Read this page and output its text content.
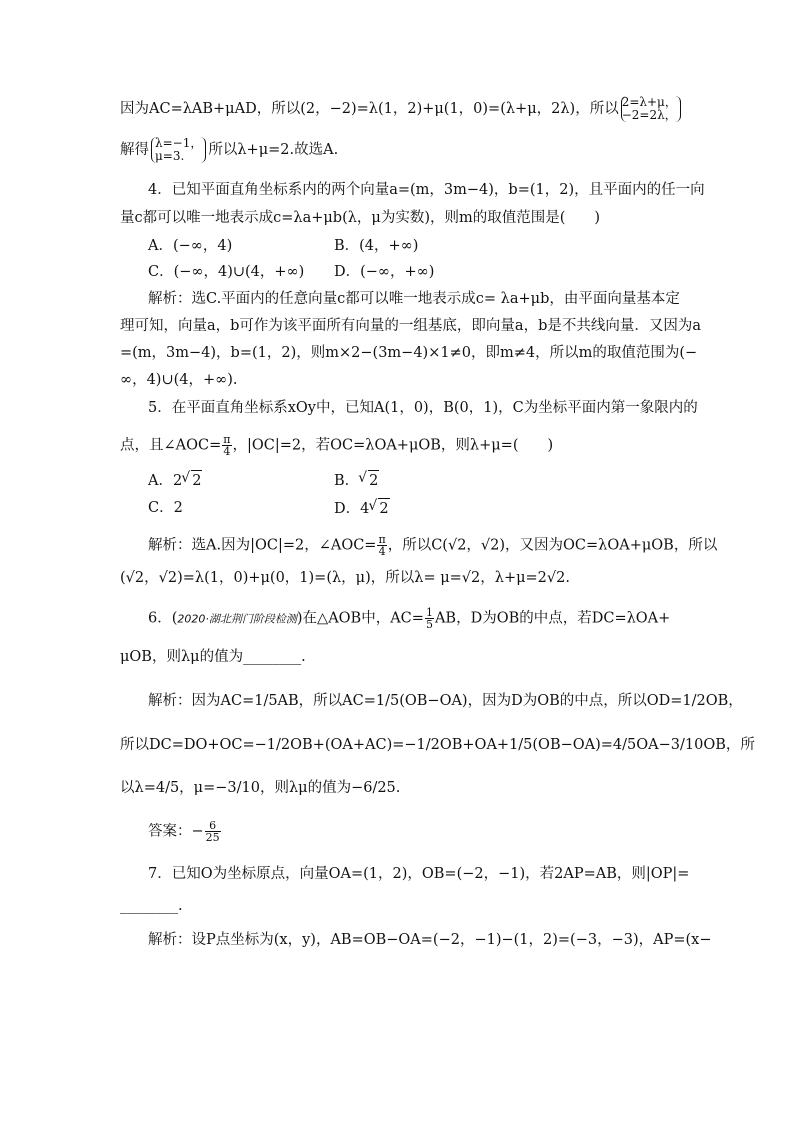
因为AC=λAB+μAD，所以(2，−2)=λ(1，2)+μ(1，0)=(λ+μ，2λ)，所以 2=λ+μ，
−2=2λ，
解得 λ=−1，
μ=3. 所以λ+μ=2.故选A.
4．已知平面直角坐标系内的两个向量a=(m，3m−4)，b=(1，2)，且平面内的任一向
量c都可以唯一地表示成c=λa+μb(λ，μ为实数)，则m的取值范围是(　　)
A．(−∞，4)	B．(4，+∞)
C．(−∞，4)∪(4，+∞) D．(−∞，+∞)
解析：选C.平面内的任意向量c都可以唯一地表示成c= λa+μb，由平面向量基本定
理可知，向量a，b可作为该平面所有向量的一组基底，即向量a，b是不共线向量．又因为a
=(m，3m−4)，b=(1，2)，则m×2−(3m−4)×1≠0，即m≠4，所以m的取值范围为(−
∞，4)∪(4，+∞).
5．在平面直角坐标系xOy中，已知A(1，0)，B(0，1)，C为坐标平面内第一象限内的
点，且∠AOC= $\frac{\pi}{4}$ ，|OC|=2，若OC=λOA+μOB，则λ+μ=(　　)
A．2 √ 2	B． √ 2
C．2	D．4 √ 2
解析：选A.因为|OC|=2，∠AOC= $\frac{\pi}{4}$ ，所以C(√2，√2)，又因为OC=λOA+μOB，所以
(√2，√2)=λ(1，0)+μ(0，1)=(λ，μ)，所以λ= μ=√2，λ+μ=2√2.
6．(2020·湖北荆门阶段检测)在△AOB中，$AC= \frac{1}{5}$ AB，D为OB的中点，若DC=λOA+
μOB，则λμ的值为________.
解析：因为AC=1/5AB，所以AC=1/5(OB−OA)，因为D为OB的中点，所以OD=1/2OB，
所以DC=DO+OC=−1/2OB+(OA+AC)=−1/2OB+OA+1/5(OB−OA)=4/5OA−3/10OB，所
以λ=4/5，μ=−3/10，则λμ的值为−6/25.
答案：− $\frac{6}{25}$
7．已知O为坐标原点，向量OA=(1，2)，OB=(−2，−1)，若2AP=AB，则|OP|=
________.
解析：设P点坐标为(x，y)，AB=OB−OA=(−2，−1)−(1，2)=(−3，−3)，AP=(x−
